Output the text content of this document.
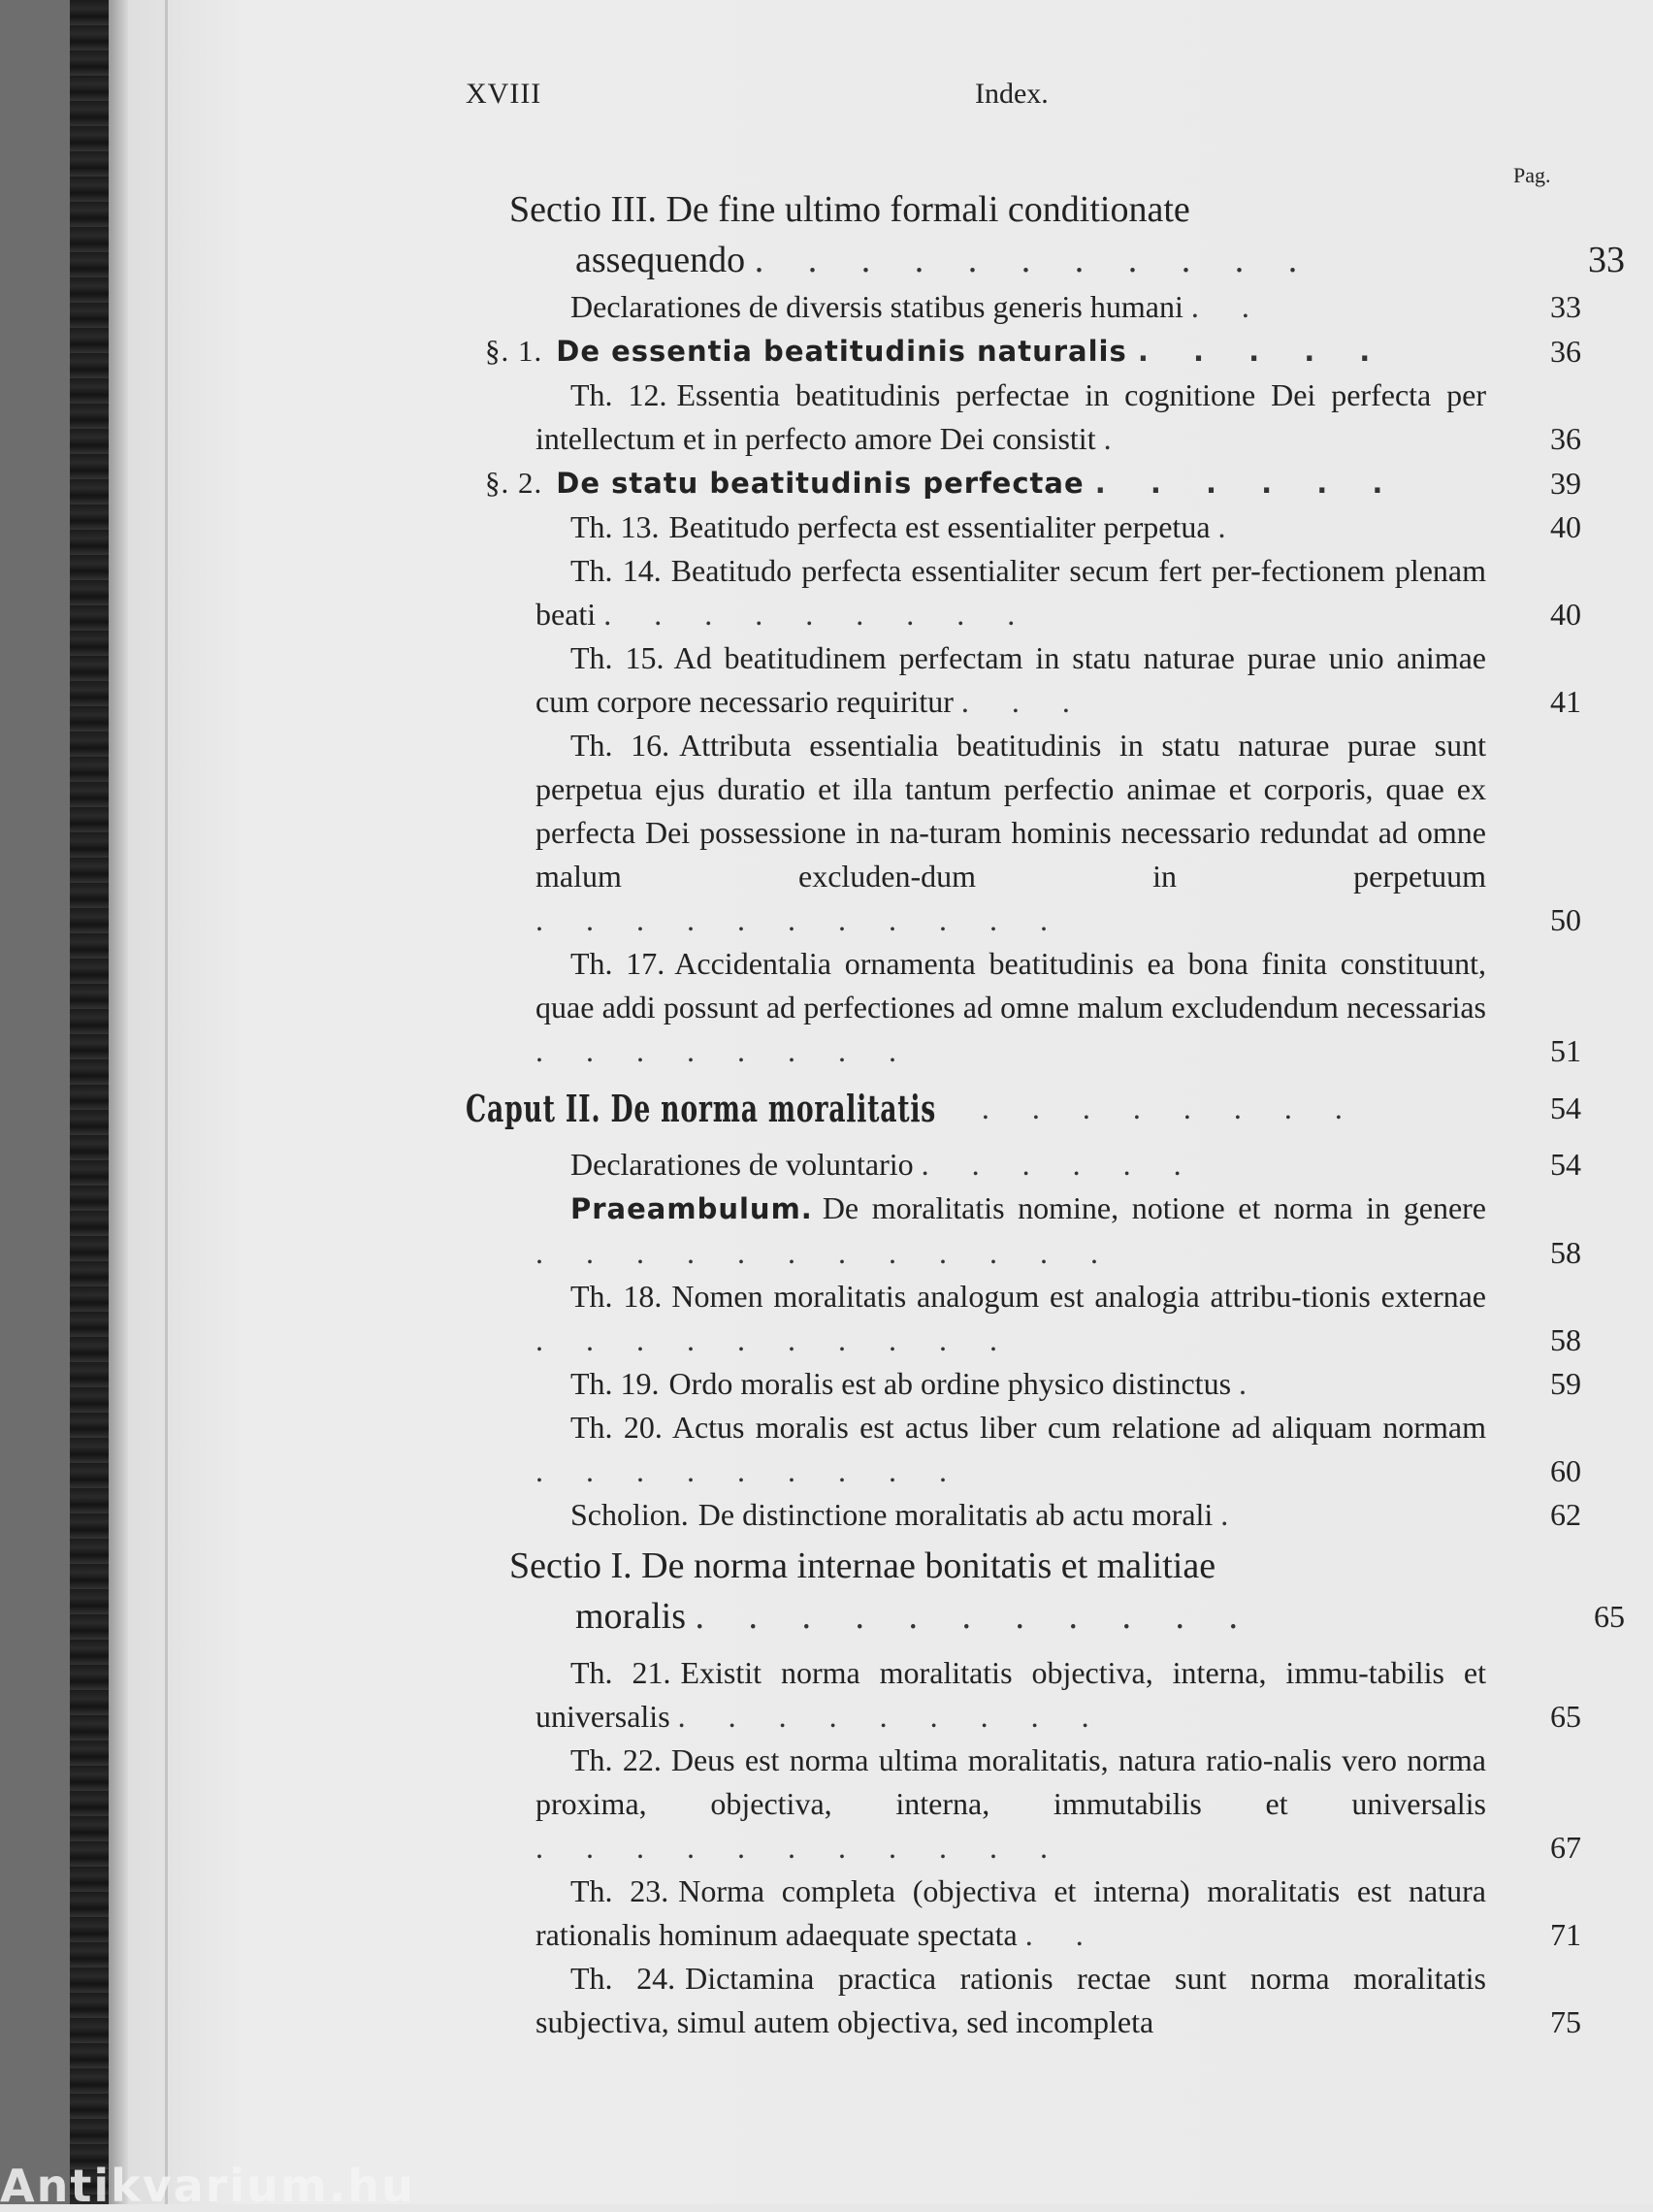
XVIII	Index.
Pag.
Sectio III. De fine ultimo formali conditionate
assequendo . . . . . . . . . . .	33
Declarationes de diversis statibus generis humani . .	33
§. 1. De essentia beatitudinis naturalis . . . . .	36
Th. 12. Essentia beatitudinis perfectae in cognitione Dei perfecta per intellectum et in perfecto amore Dei consistit .	36
§. 2. De statu beatitudinis perfectae . . . . . .	39
Th. 13. Beatitudo perfecta est essentialiter perpetua .	40
Th. 14. Beatitudo perfecta essentialiter secum fert per-fectionem plenam beati . . . . . . . . .	40
Th. 15. Ad beatitudinem perfectam in statu naturae purae unio animae cum corpore necessario requiritur . . .	41
Th. 16. Attributa essentialia beatitudinis in statu naturae purae sunt perpetua ejus duratio et illa tantum perfectio animae et corporis, quae ex perfecta Dei possessione in na-turam hominis necessario redundat ad omne malum excluden-dum in perpetuum . . . . . . . . . . .	50
Th. 17. Accidentalia ornamenta beatitudinis ea bona finita constituunt, quae addi possunt ad perfectiones ad omne malum excludendum necessarias . . . . . . . .	51
Caput II. De norma moralitatis . . . . . . . .	54
Declarationes de voluntario . . . . . .	54
Praeambulum. De moralitatis nomine, notione et norma in genere . . . . . . . . . . . .	58
Th. 18. Nomen moralitatis analogum est analogia attribu-tionis externae . . . . . . . . . .	58
Th. 19. Ordo moralis est ab ordine physico distinctus .	59
Th. 20. Actus moralis est actus liber cum relatione ad aliquam normam . . . . . . . . .	60
Scholion. De distinctione moralitatis ab actu morali .	62
Sectio I. De norma internae bonitatis et malitiae
moralis . . . . . . . . . . .	65
Th. 21. Existit norma moralitatis objectiva, interna, immu-tabilis et universalis . . . . . . . . .	65
Th. 22. Deus est norma ultima moralitatis, natura ratio-nalis vero norma proxima, objectiva, interna, immutabilis et universalis . . . . . . . . . . .	67
Th. 23. Norma completa (objectiva et interna) moralitatis est natura rationalis hominum adaequate spectata . .	71
Th. 24. Dictamina practica rationis rectae sunt norma moralitatis subjectiva, simul autem objectiva, sed incompleta	75
Antikvarium.hu
